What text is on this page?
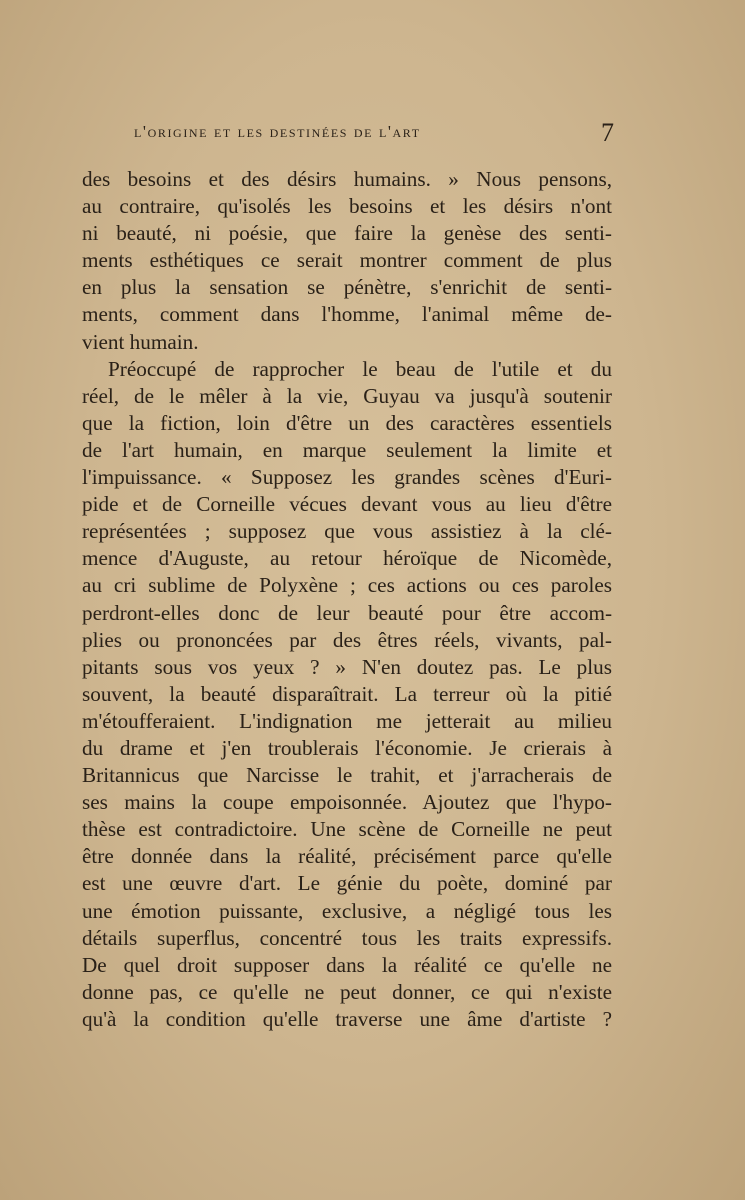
l'origine et les destinées de l'art	7
des besoins et des désirs humains. » Nous pensons,
au contraire, qu'isolés les besoins et les désirs n'ont
ni beauté, ni poésie, que faire la genèse des senti-
ments esthétiques ce serait montrer comment de plus
en plus la sensation se pénètre, s'enrichit de senti-
ments, comment dans l'homme, l'animal même de-
vient humain.
Préoccupé de rapprocher le beau de l'utile et du
réel, de le mêler à la vie, Guyau va jusqu'à soutenir
que la fiction, loin d'être un des caractères essentiels
de l'art humain, en marque seulement la limite et
l'impuissance. « Supposez les grandes scènes d'Euri-
pide et de Corneille vécues devant vous au lieu d'être
représentées ; supposez que vous assistiez à la clé-
mence d'Auguste, au retour héroïque de Nicomède,
au cri sublime de Polyxène ; ces actions ou ces paroles
perdront-elles donc de leur beauté pour être accom-
plies ou prononcées par des êtres réels, vivants, pal-
pitants sous vos yeux ? » N'en doutez pas. Le plus
souvent, la beauté disparaîtrait. La terreur où la pitié
m'étoufferaient. L'indignation me jetterait au milieu
du drame et j'en troublerais l'économie. Je crierais à
Britannicus que Narcisse le trahit, et j'arracherais de
ses mains la coupe empoisonnée. Ajoutez que l'hypo-
thèse est contradictoire. Une scène de Corneille ne peut
être donnée dans la réalité, précisément parce qu'elle
est une œuvre d'art. Le génie du poète, dominé par
une émotion puissante, exclusive, a négligé tous les
détails superflus, concentré tous les traits expressifs.
De quel droit supposer dans la réalité ce qu'elle ne
donne pas, ce qu'elle ne peut donner, ce qui n'existe
qu'à la condition qu'elle traverse une âme d'artiste ?
